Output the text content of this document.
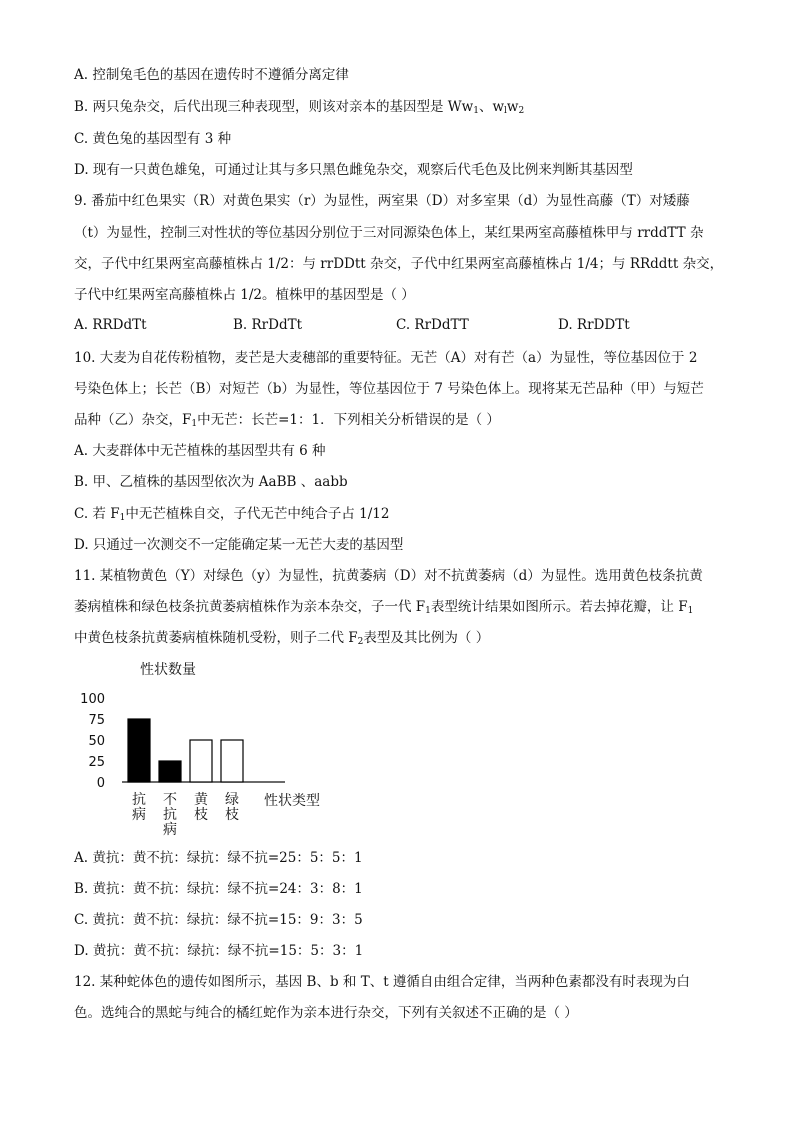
A. 控制兔毛色的基因在遗传时不遵循分离定律
B. 两只兔杂交，后代出现三种表现型，则该对亲本的基因型是 $Ww_1$、$w_lw_2$
C. 黄色兔的基因型有 3 种
D. 现有一只黄色雄兔，可通过让其与多只黑色雌兔杂交，观察后代毛色及比例来判断其基因型
9. 番茄中红色果实（R）对黄色果实（r）为显性，两室果（D）对多室果（d）为显性高藤（T）对矮藤
（t）为显性，控制三对性状的等位基因分别位于三对同源染色体上，某红果两室高藤植株甲与 rrddTT 杂
交，子代中红果两室高藤植株占 1/2：与 rrDDtt 杂交，子代中红果两室高藤植株占 1/4；与 RRddtt 杂交，
子代中红果两室高藤植株占 1/2。植株甲的基因型是（ ）
A. RRDdTt	B. RrDdTt	C. RrDdTT	D. RrDDTt
10. 大麦为自花传粉植物，麦芒是大麦穗部的重要特征。无芒（A）对有芒（a）为显性，等位基因位于 2
号染色体上；长芒（B）对短芒（b）为显性，等位基因位于 7 号染色体上。现将某无芒品种（甲）与短芒
品种（乙）杂交，$F_1$中无芒：长芒=1：1．下列相关分析错误的是（ ）
A. 大麦群体中无芒植株的基因型共有 6 种
B. 甲、乙植株的基因型依次为 AaBB 、aabb
C. 若 $F_1$中无芒植株自交，子代无芒中纯合子占 1/12
D. 只通过一次测交不一定能确定某一无芒大麦的基因型
11. 某植物黄色（Y）对绿色（y）为显性，抗黄萎病（D）对不抗黄萎病（d）为显性。选用黄色枝条抗黄
萎病植株和绿色枝条抗黄萎病植株作为亲本杂交，子一代 $F_1$表型统计结果如图所示。若去掉花瓣，让 $F_1$
中黄色枝条抗黄萎病植株随机受粉，则子二代 $F_2$表型及其比例为（ ）
性状数量
100
75
50
25
0
抗
病
不
抗
病
黄
枝
绿
枝
性状类型
A. 黄抗：黄不抗：绿抗：绿不抗=25：5：5：1
B. 黄抗：黄不抗：绿抗：绿不抗=24：3：8：1
C. 黄抗：黄不抗：绿抗：绿不抗=15：9：3：5
D. 黄抗：黄不抗：绿抗：绿不抗=15：5：3：1
12. 某种蛇体色的遗传如图所示，基因 B、b 和 T、t 遵循自由组合定律，当两种色素都没有时表现为白
色。选纯合的黑蛇与纯合的橘红蛇作为亲本进行杂交，下列有关叙述不正确的是（ ）
